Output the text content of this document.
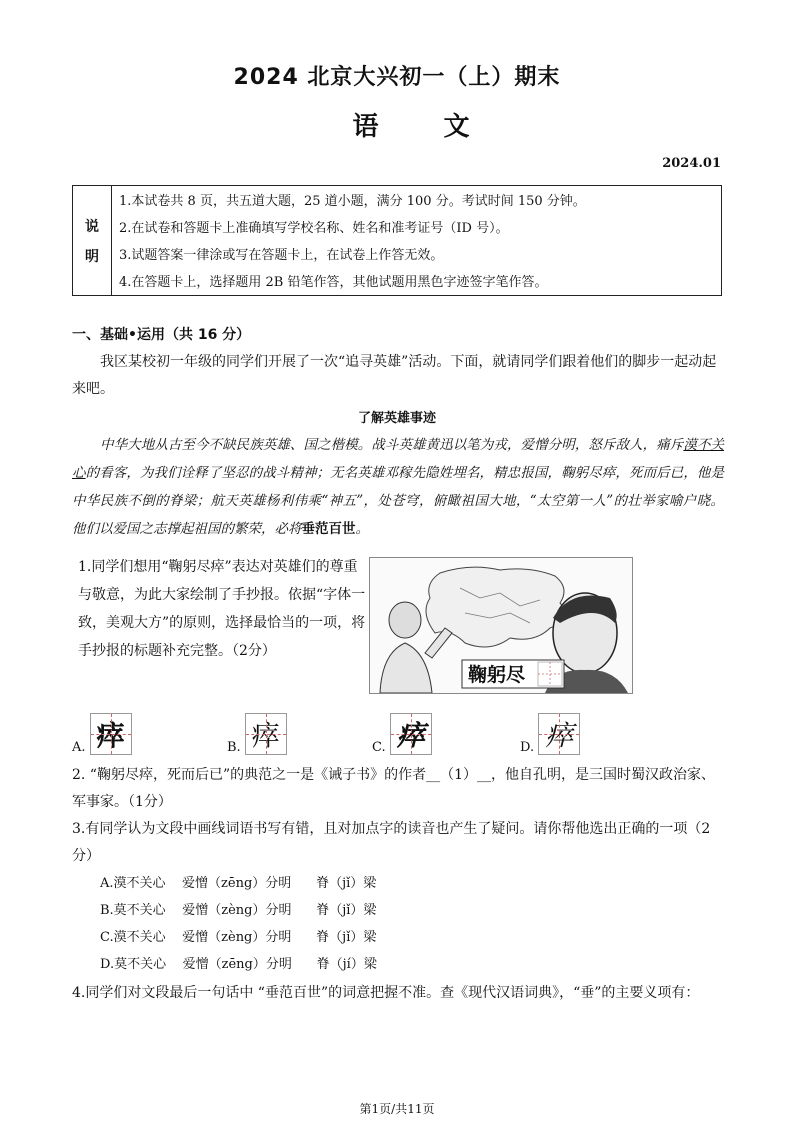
2024 北京大兴初一（上）期末
语 文
2024.01
说
明
1.本试卷共 8 页，共五道大题，25 道小题，满分 100 分。考试时间 150 分钟。
2.在试卷和答题卡上准确填写学校名称、姓名和准考证号（ID 号）。
3.试题答案一律涂或写在答题卡上，在试卷上作答无效。
4.在答题卡上，选择题用 2B 铅笔作答，其他试题用黑色字迹签字笔作答。
一、基础•运用（共 16 分）
我区某校初一年级的同学们开展了一次“追寻英雄”活动。下面，就请同学们跟着他们的脚步一起动起来吧。
了解英雄事迹
中华大地从古至今不缺民族英雄、国之楷模。战斗英雄黄迅以笔为戎，爱憎分明，怒斥敌人，痛斥漠不关心的看客，为我们诠释了坚忍的战斗精神；无名英雄邓稼先隐姓埋名，精忠报国，鞠躬尽瘁，死而后已，他是中华民族不倒的脊梁；航天英雄杨利伟乘“神五”，处苍穹，俯瞰祖国大地，“太空第一人”的壮举家喻户晓。 他们以爱国之志撑起祖国的繁荣，必将垂范百世。
1.同学们想用“鞠躬尽瘁”表达对英雄们的尊重与敬意，为此大家绘制了手抄报。依据“字体一致，美观大方”的原则，选择最恰当的一项，将手抄报的标题补充完整。（2分）
鞠躬尽
A. 瘁	B. 瘁	C. 瘁	D. 瘁
2. “鞠躬尽瘁，死而后已”的典范之一是《诫子书》的作者__（1）__，他自孔明，是三国时蜀汉政治家、军事家。（1分）
3.有同学认为文段中画线词语书写有错，且对加点字的读音也产生了疑问。请你帮他选出正确的一项（2分）
A.漠不关心    爱憎（zēng）分明      脊（jǐ）梁
B.莫不关心    爱憎（zèng）分明      脊（jǐ）梁
C.漠不关心    爱憎（zèng）分明      脊（jǐ）梁
D.莫不关心    爱憎（zēng）分明      脊（jí）梁
4.同学们对文段最后一句话中 “垂范百世”的词意把握不准。查《现代汉语词典》，“垂”的主要义项有：
第1页/共11页
